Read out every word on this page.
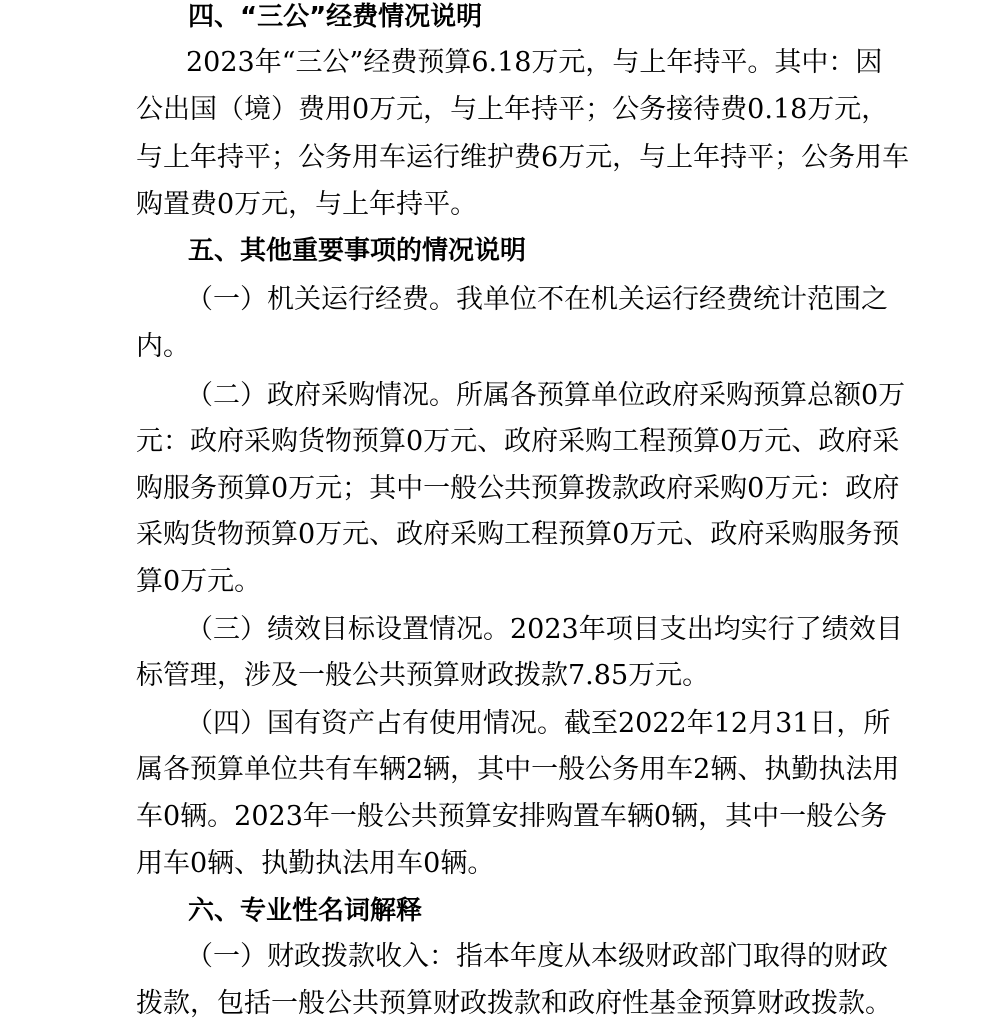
四、“三公”经费情况说明
2023年“三公”经费预算6.18万元，与上年持平。其中：因
公出国（境）费用0万元，与上年持平；公务接待费0.18万元，
与上年持平；公务用车运行维护费6万元，与上年持平；公务用车
购置费0万元，与上年持平。
五、其他重要事项的情况说明
（一）机关运行经费。我单位不在机关运行经费统计范围之
内。
（二）政府采购情况。所属各预算单位政府采购预算总额0万
元：政府采购货物预算0万元、政府采购工程预算0万元、政府采
购服务预算0万元；其中一般公共预算拨款政府采购0万元：政府
采购货物预算0万元、政府采购工程预算0万元、政府采购服务预
算0万元。
（三）绩效目标设置情况。2023年项目支出均实行了绩效目
标管理，涉及一般公共预算财政拨款7.85万元。
（四）国有资产占有使用情况。截至2022年12月31日，所
属各预算单位共有车辆2辆，其中一般公务用车2辆、执勤执法用
车0辆。2023年一般公共预算安排购置车辆0辆，其中一般公务
用车0辆、执勤执法用车0辆。
六、专业性名词解释
（一）财政拨款收入：指本年度从本级财政部门取得的财政
拨款，包括一般公共预算财政拨款和政府性基金预算财政拨款。
